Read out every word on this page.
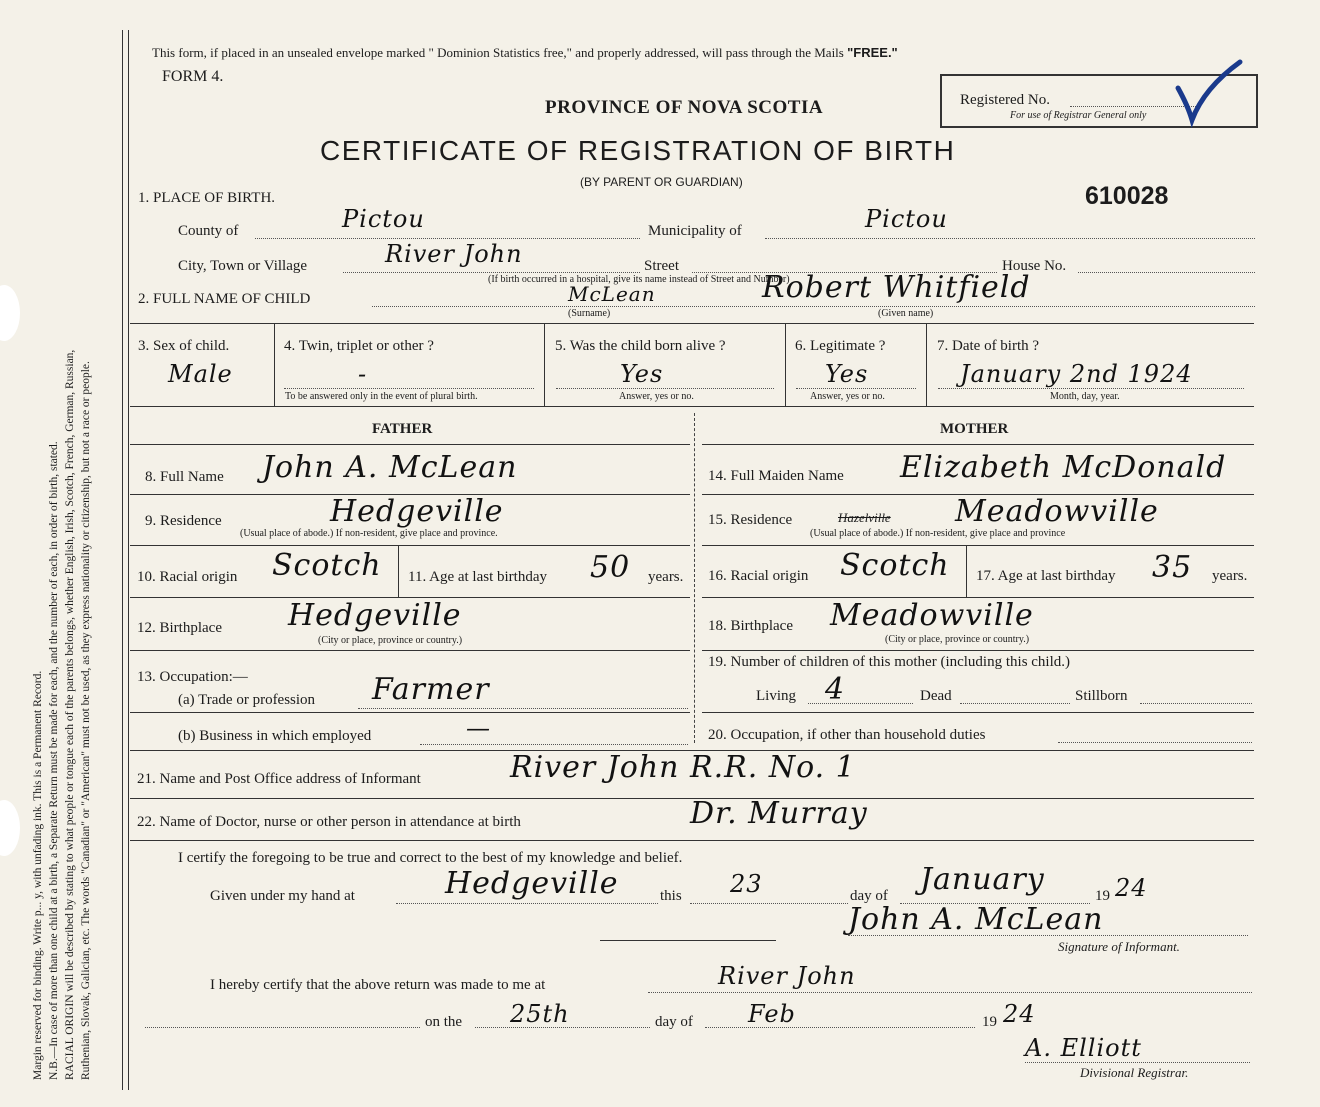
Margin reserved for binding. Write p... y, with unfading ink. This is a Permanent Record. N.B.—In case of more than one child at a birth, a Separate Return must be made for each, and the number of each, in order of birth, stated. RACIAL ORIGIN will be described by stating to what people or tongue each of the parents belongs, whether English, Irish, Scotch, French, German, Russian, Ruthenian, Slovak, Galician, etc. The words "Canadian" or "American" must not be used, as they express nationality or citizenship, but not a race or people.
This form, if placed in an unsealed envelope marked " Dominion Statistics free," and properly addressed, will pass through the Mails "FREE."
FORM 4.
PROVINCE OF NOVA SCOTIA	Registered No.
For use of Registrar General only
CERTIFICATE OF REGISTRATION OF BIRTH
(BY PARENT OR GUARDIAN)	610028
1. PLACE OF BIRTH.
County of	Pictou	Municipality of	Pictou
City, Town or Village	River John	Street	House No.
(If birth occurred in a hospital, give its name instead of Street and Number)
2. FULL NAME OF CHILD	McLean
(Surname)
Robert Whitfield
(Given name)
3. Sex of child.
Male
4. Twin, triplet or other ?
-
To be answered only in the event of plural birth.
5. Was the child born alive ?
Yes
Answer, yes or no.
6. Legitimate ?
Yes
Answer, yes or no.
7. Date of birth ?
January 2nd 1924
Month, day, year.
FATHER	MOTHER
8. Full Name John A. McLean
9. Residence	Hedgeville
(Usual place of abode.) If non-resident, give place and province.
10. Racial origin Scotch 11. Age at last birthday 50 years.
12. Birthplace Hedgeville
(City or place, province or country.)
13. Occupation:—
(a) Trade or profession Farmer
(b) Business in which employed	—
14. Full Maiden Name Elizabeth McDonald
15. Residence	Hazelville Meadowville
(Usual place of abode.) If non-resident, give place and province
16. Racial origin Scotch 17. Age at last birthday 35 years.
18. Birthplace Meadowville
(City or place, province or country.)
19. Number of children of this mother (including this child.)
Living 4	Dead	Stillborn
20. Occupation, if other than household duties
21. Name and Post Office address of Informant	River John R.R. No. 1
22. Name of Doctor, nurse or other person in attendance at birth	Dr. Murray
I certify the foregoing to be true and correct to the best of my knowledge and belief.
Given under my hand at	Hedgeville	this 23	day of January	19 24
John A. McLean
Signature of Informant.
I hereby certify that the above return was made to me at	River John
on the 25th	day of Feb	19 24
A. Elliott
Divisional Registrar.
